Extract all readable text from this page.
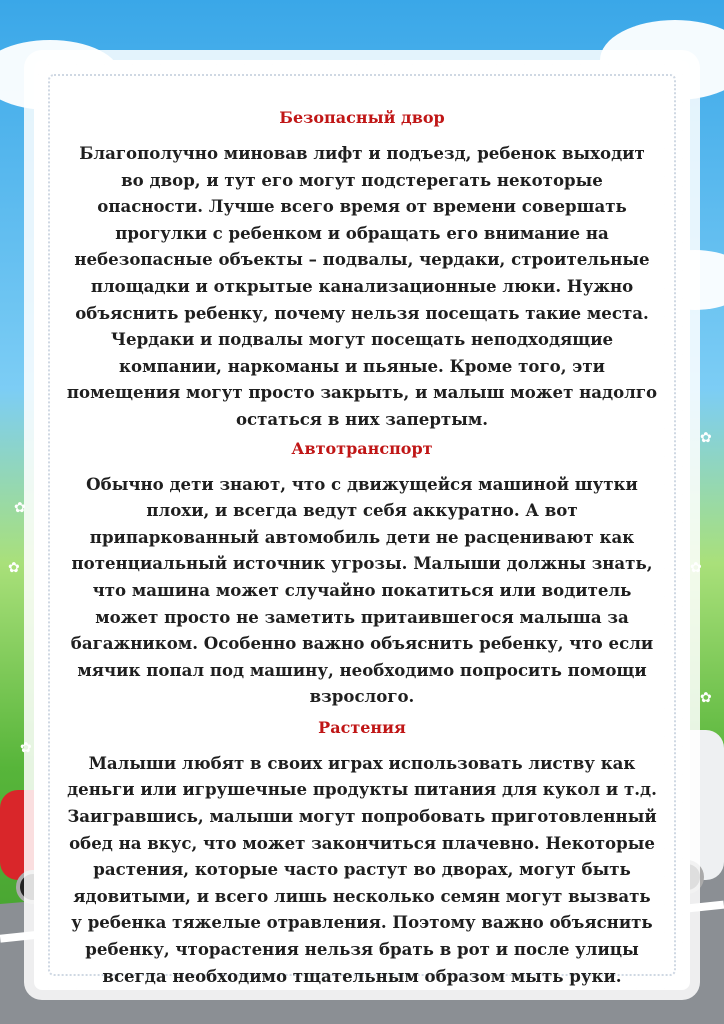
✿
✿
✿
✿
✿
✿
Безопасный двор

Благополучно миновав лифт и подъезд, ребенок выходит во двор, и тут его могут подстерегать некоторые опасности. Лучше всего время от времени совершать прогулки с ребенком и обращать его внимание на небезопасные объекты – подвалы, чердаки, строительные площадки и открытые канализационные люки. Нужно объяснить ребенку, почему нельзя посещать такие места. Чердаки и подвалы могут посещать неподходящие компании, наркоманы и пьяные. Кроме того, эти помещения могут просто закрыть, и малыш может надолго остаться в них запертым.

Автотранспорт

Обычно дети знают, что с движущейся машиной шутки плохи, и всегда ведут себя аккуратно. А вот припаркованный автомобиль дети не расценивают как потенциальный источник угрозы. Малыши должны знать, что машина может случайно покатиться или водитель может просто не заметить притаившегося малыша за багажником. Особенно важно объяснить ребенку, что если мячик попал под машину, необходимо попросить помощи взрослого.

Растения

Малыши любят в своих играх использовать листву как деньги или игрушечные продукты питания для кукол и т.д. Заигравшись, малыши могут попробовать приготовленный обед на вкус, что может закончиться плачевно. Некоторые растения, которые часто растут во дворах, могут быть ядовитыми, и всего лишь несколько семян могут вызвать у ребенка тяжелые отравления. Поэтому важно объяснить ребенку, чторастения нельзя брать в рот и после улицы всегда необходимо тщательным образом мыть руки.
